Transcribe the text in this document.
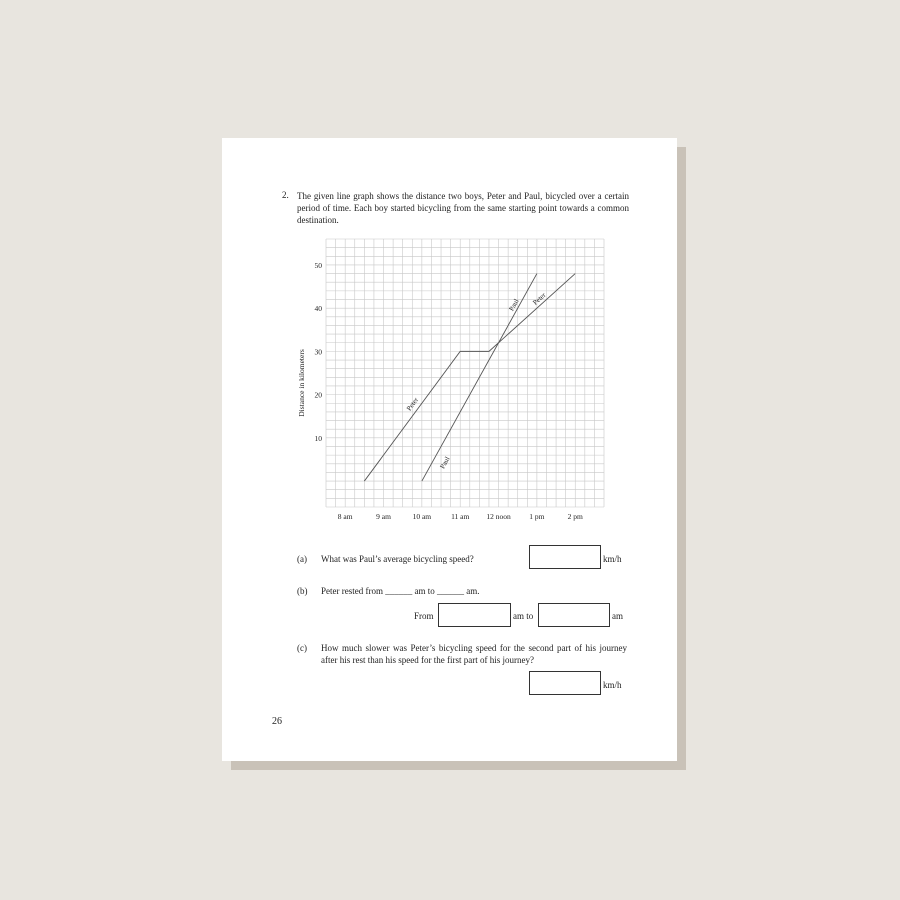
2. The given line graph shows the distance two boys, Peter and Paul, bicycled over a certain period of time. Each boy started bicycling from the same starting point towards a common destination.
10
20
30
40
50
8 am	9 am	10 am	11 am 12 noon 1 pm	2 pm
Distance in kilometers	Peter
Peter
Paul
Paul
(a) What was Paul’s average bicycling speed?	km/h
(b) Peter rested from ______ am to ______ am.
From	am to	am
(c) How much slower was Peter’s bicycling speed for the second part of his journey after his rest than his speed for the first part of his journey?
km/h
26
